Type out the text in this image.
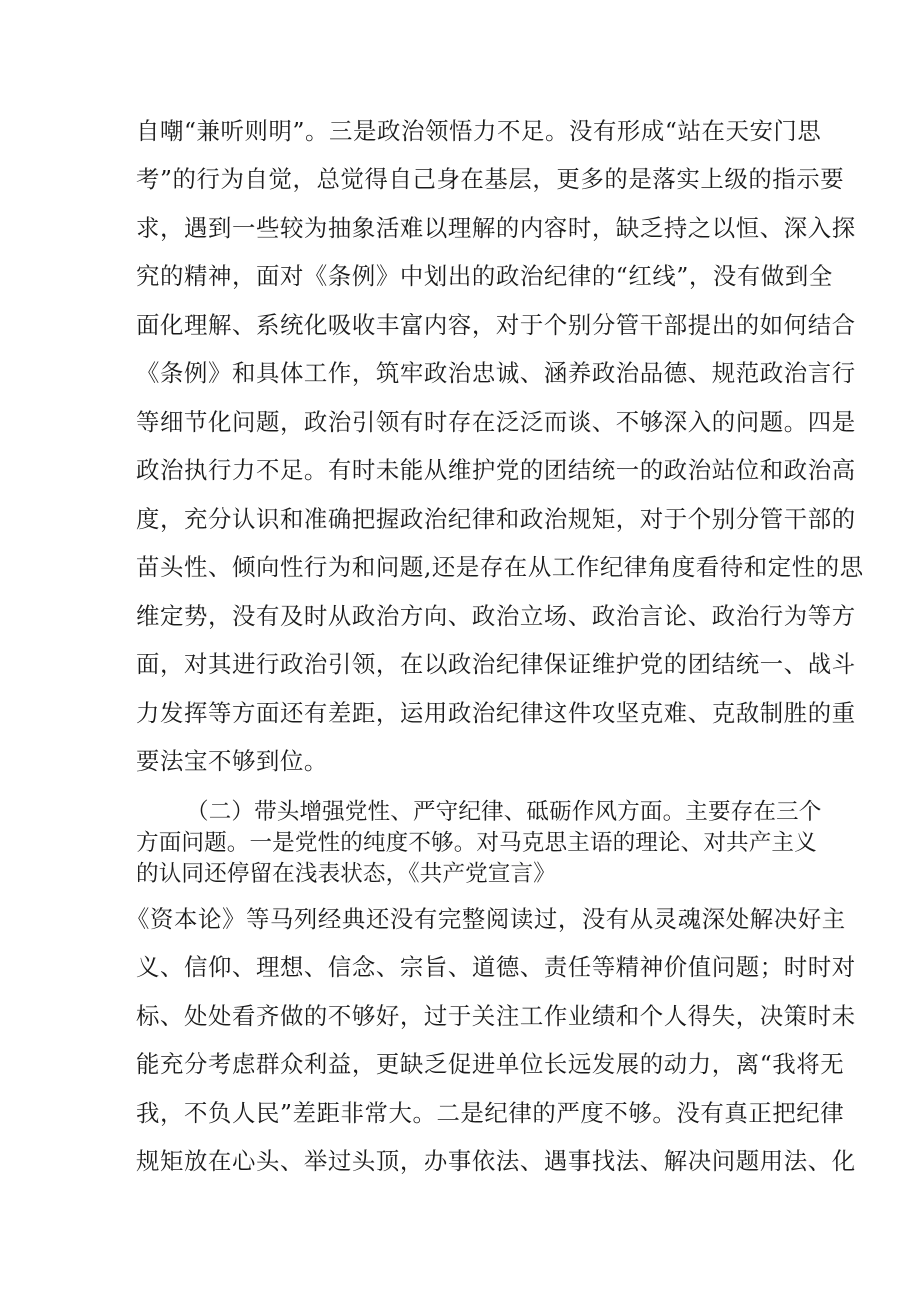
自嘲“兼听则明”。三是政治领悟力不足。没有形成“站在天安门思
考”的行为自觉，总觉得自己身在基层，更多的是落实上级的指示要
求，遇到一些较为抽象活难以理解的内容时，缺乏持之以恒、深入探
究的精神，面对《条例》中划出的政治纪律的“红线”，没有做到全
面化理解、系统化吸收丰富内容，对于个别分管干部提出的如何结合
《条例》和具体工作，筑牢政治忠诚、涵养政治品德、规范政治言行
等细节化问题，政治引领有时存在泛泛而谈、不够深入的问题。四是
政治执行力不足。有时未能从维护党的团结统一的政治站位和政治高
度，充分认识和准确把握政治纪律和政治规矩，对于个别分管干部的
苗头性、倾向性行为和问题,还是存在从工作纪律角度看待和定性的思
维定势，没有及时从政治方向、政治立场、政治言论、政治行为等方
面，对其进行政治引领，在以政治纪律保证维护党的团结统一、战斗
力发挥等方面还有差距，运用政治纪律这件攻坚克难、克敌制胜的重
要法宝不够到位。
（二）带头增强党性、严守纪律、砥砺作风方面。主要存在三个
方面问题。一是党性的纯度不够。对马克思主语的理论、对共产主义
的认同还停留在浅表状态，《共产党宣言》
《资本论》等马列经典还没有完整阅读过，没有从灵魂深处解决好主
义、信仰、理想、信念、宗旨、道德、责任等精神价值问题；时时对
标、处处看齐做的不够好，过于关注工作业绩和个人得失，决策时未
能充分考虑群众利益，更缺乏促进单位长远发展的动力，离“我将无
我，不负人民”差距非常大。二是纪律的严度不够。没有真正把纪律
规矩放在心头、举过头顶，办事依法、遇事找法、解决问题用法、化
